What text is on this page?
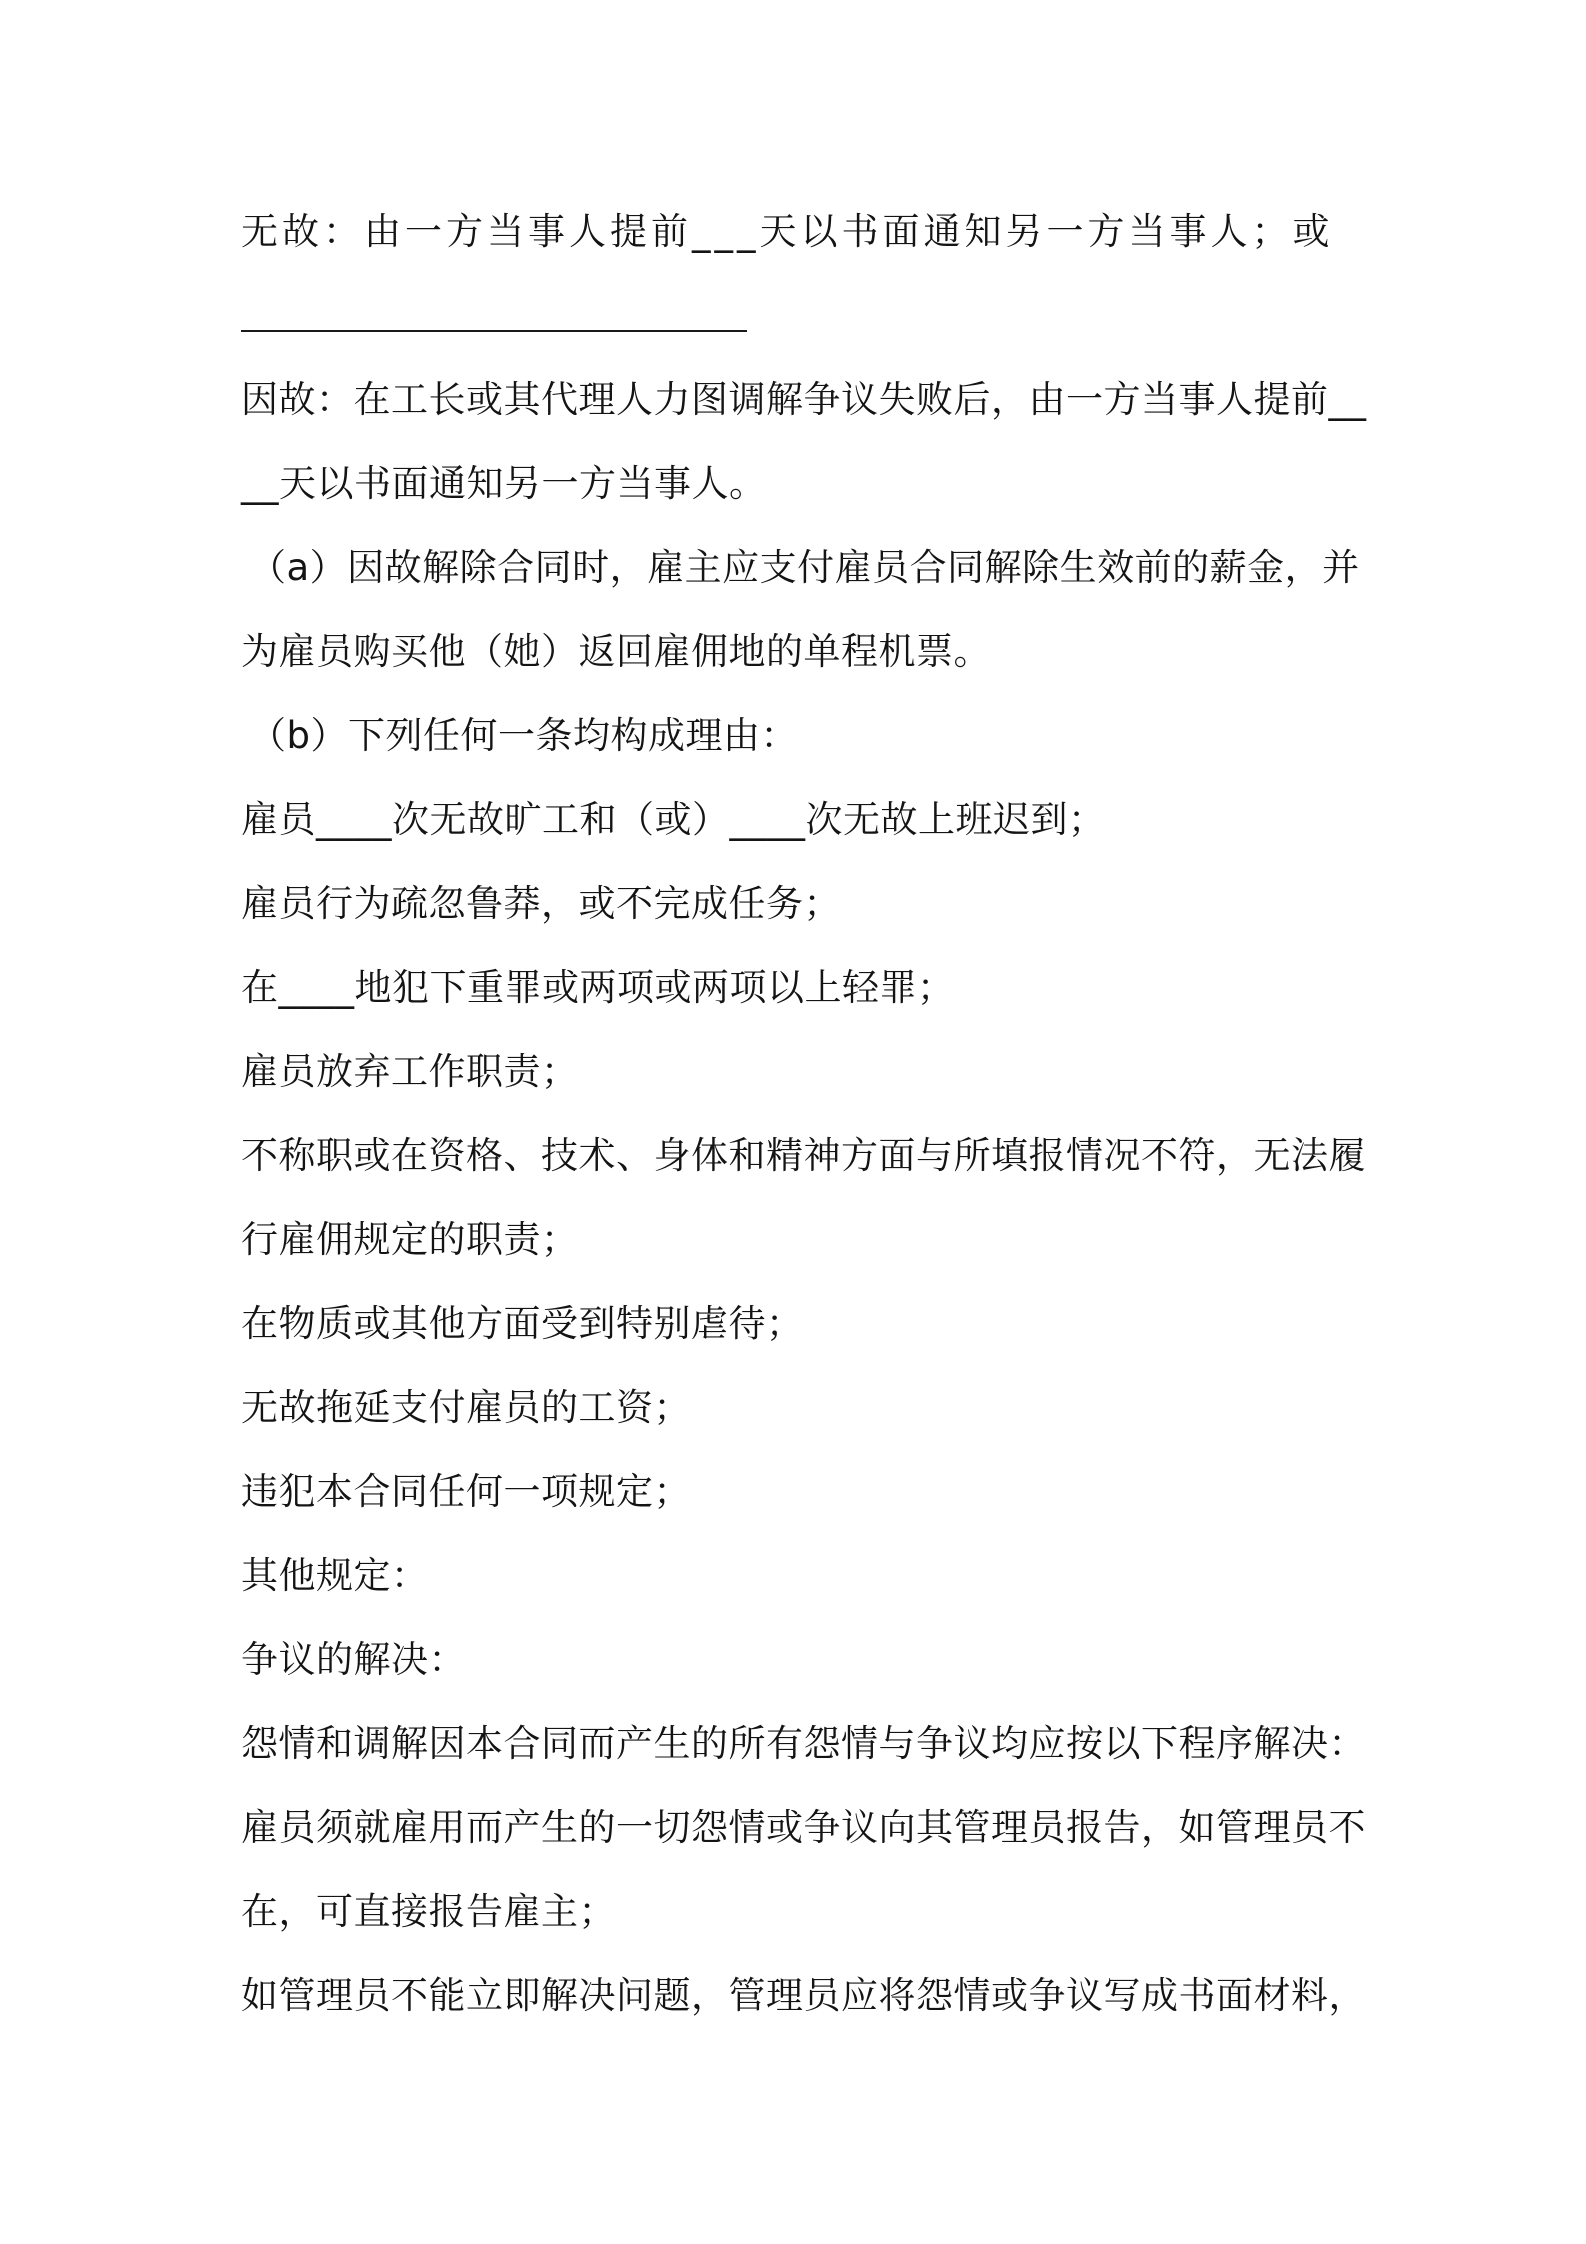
无故：由一方当事人提前___天以书面通知另一方当事人；或
因故：在工长或其代理人力图调解争议失败后，由一方当事人提前__
__天以书面通知另一方当事人。
（a）因故解除合同时，雇主应支付雇员合同解除生效前的薪金，并
为雇员购买他（她）返回雇佣地的单程机票。
（b）下列任何一条均构成理由：
雇员____次无故旷工和（或）____次无故上班迟到；
雇员行为疏忽鲁莽，或不完成任务；
在____地犯下重罪或两项或两项以上轻罪；
雇员放弃工作职责；
不称职或在资格、技术、身体和精神方面与所填报情况不符，无法履
行雇佣规定的职责；
在物质或其他方面受到特别虐待；
无故拖延支付雇员的工资；
违犯本合同任何一项规定；
其他规定：
争议的解决：
怨情和调解因本合同而产生的所有怨情与争议均应按以下程序解决：
雇员须就雇用而产生的一切怨情或争议向其管理员报告，如管理员不
在，可直接报告雇主；
如管理员不能立即解决问题，管理员应将怨情或争议写成书面材料，
